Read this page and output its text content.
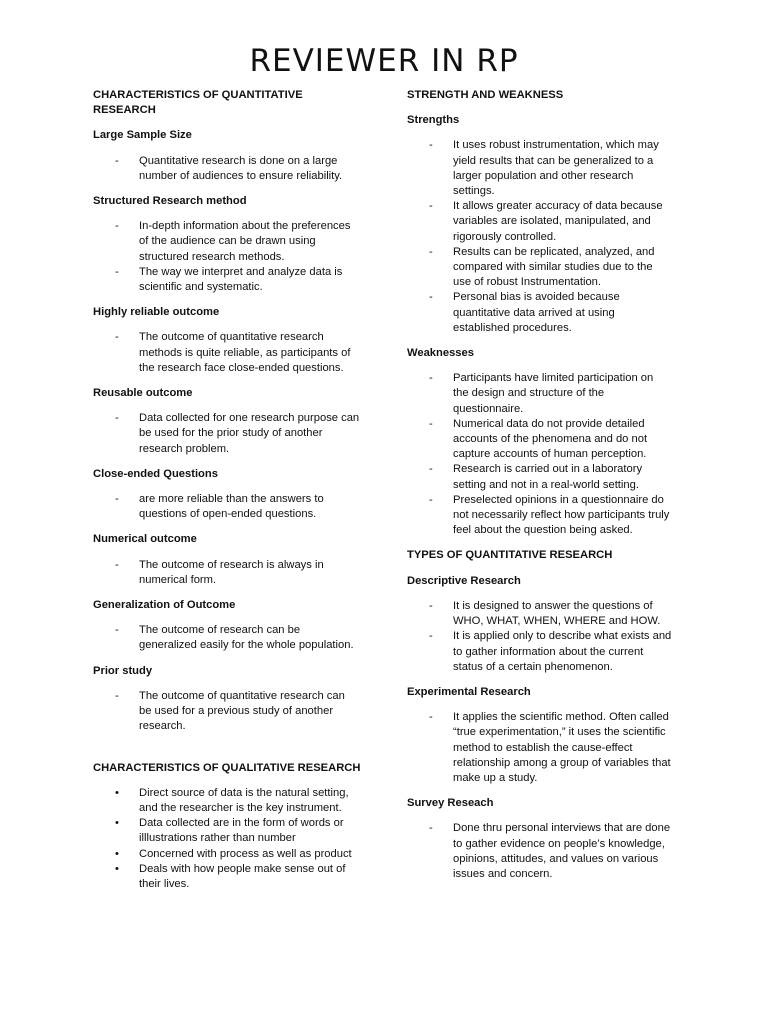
REVIEWER IN RP
CHARACTERISTICS OF QUANTITATIVE RESEARCH
Large Sample Size
-	Quantitative research is done on a large
number of audiences to ensure reliability.
Structured Research method
-	In-depth information about the preferences
of the audience can be drawn using
structured research methods.
-	The way we interpret and analyze data is
scientific and systematic.
Highly reliable outcome
-	The outcome of quantitative research
methods is quite reliable, as participants of
the research face close-ended questions.
Reusable outcome
-	Data collected for one research purpose can
be used for the prior study of another
research problem.
Close-ended Questions
-	are more reliable than the answers to
questions of open-ended questions.
Numerical outcome
-	The outcome of research is always in
numerical form.
Generalization of Outcome
-	The outcome of research can be
generalized easily for the whole population.
Prior study
-	The outcome of quantitative research can
be used for a previous study of another
research.
CHARACTERISTICS OF QUALITATIVE RESEARCH
•	Direct source of data is the natural setting,
and the researcher is the key instrument.
•	Data collected are in the form of words or
illlustrations rather than number
•	Concerned with process as well as product
•	Deals with how people make sense out of
their lives.
STRENGTH AND WEAKNESS
Strengths
-	It uses robust instrumentation, which may
yield results that can be generalized to a
larger population and other research
settings.
-	It allows greater accuracy of data because
variables are isolated, manipulated, and
rigorously controlled.
-	Results can be replicated, analyzed, and
compared with similar studies due to the
use of robust Instrumentation.
-	Personal bias is avoided because
quantitative data arrived at using
established procedures.
Weaknesses
-	Participants have limited participation on
the design and structure of the
questionnaire.
-	Numerical data do not provide detailed
accounts of the phenomena and do not
capture accounts of human perception.
-	Research is carried out in a laboratory
setting and not in a real-world setting.
-	Preselected opinions in a questionnaire do
not necessarily reflect how participants truly
feel about the question being asked.
TYPES OF QUANTITATIVE RESEARCH
Descriptive Research
-	It is designed to answer the questions of
WHO, WHAT, WHEN, WHERE and HOW.
-	It is applied only to describe what exists and
to gather information about the current
status of a certain phenomenon.
Experimental Research
-	It applies the scientific method. Often called
“true experimentation,” it uses the scientific
method to establish the cause-effect
relationship among a group of variables that
make up a study.
Survey Reseach
-	Done thru personal interviews that are done
to gather evidence on people’s knowledge,
opinions, attitudes, and values on various
issues and concern.
